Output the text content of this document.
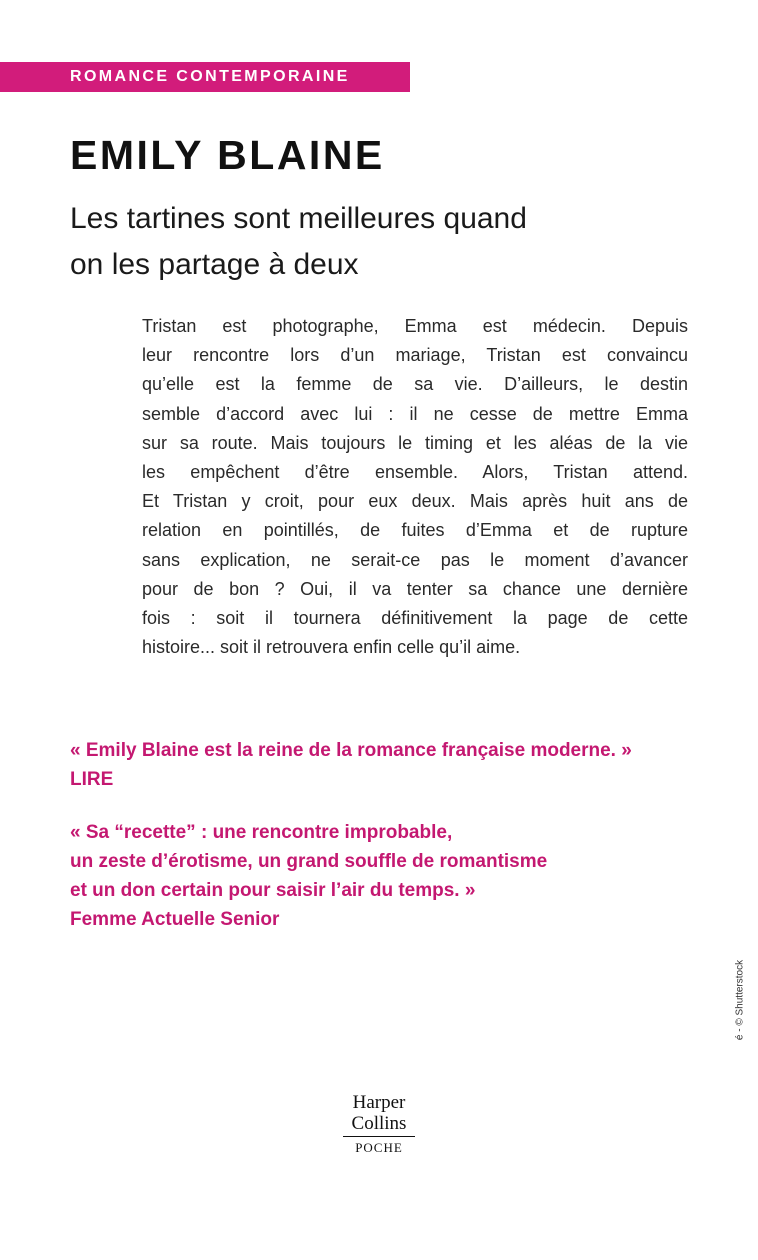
ROMANCE CONTEMPORAINE
EMILY BLAINE
Les tartines sont meilleures quand
on les partage à deux
Tristan est photographe, Emma est médecin. Depuis
leur rencontre lors d’un mariage, Tristan est convaincu
qu’elle est la femme de sa vie. D’ailleurs, le destin
semble d’accord avec lui : il ne cesse de mettre Emma
sur sa route. Mais toujours le timing et les aléas de la vie
les empêchent d’être ensemble. Alors, Tristan attend.
Et Tristan y croit, pour eux deux. Mais après huit ans de
relation en pointillés, de fuites d’Emma et de rupture
sans explication, ne serait-ce pas le moment d’avancer
pour de bon ? Oui, il va tenter sa chance une dernière
fois : soit il tournera définitivement la page de cette
histoire... soit il retrouvera enfin celle qu’il aime.
« Emily Blaine est la reine de la romance française moderne. »
LIRE
« Sa “recette” : une rencontre improbable,
un zeste d’érotisme, un grand souffle de romantisme
et un don certain pour saisir l’air du temps. »
Femme Actuelle Senior
é - © Shutterstock
Harper
Collins
POCHE
